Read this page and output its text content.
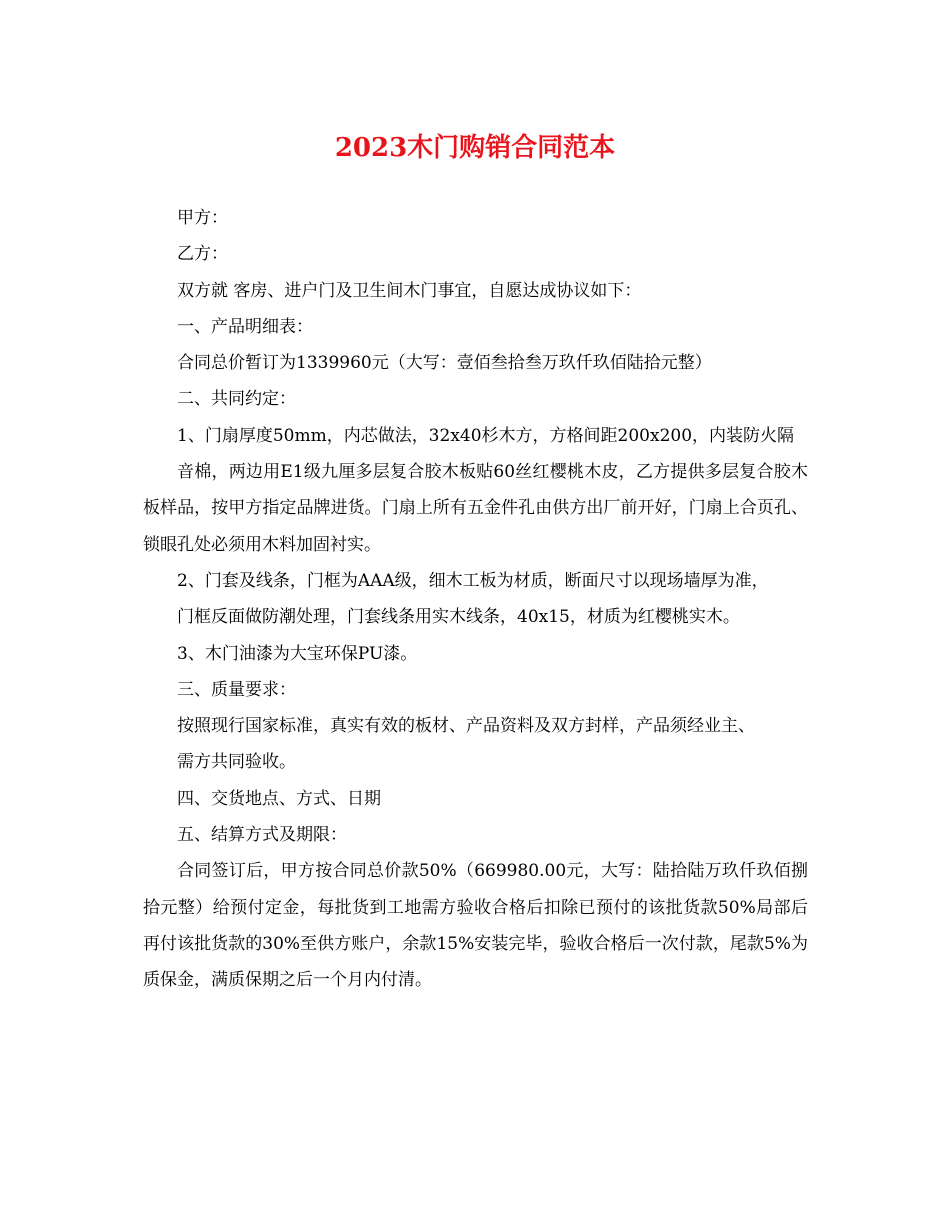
2023木门购销合同范本

甲方：

乙方：

双方就 客房、进户门及卫生间木门事宜，自愿达成协议如下：

一、产品明细表：

合同总价暂订为1339960元（大写：壹佰叁拾叁万玖仟玖佰陆拾元整）

二、共同约定：

1、门扇厚度50mm，内芯做法，32x40杉木方，方格间距200x200，内装防火隔

音棉，两边用E1级九厘多层复合胶木板贴60丝红樱桃木皮，乙方提供多层复合胶木板样品，按甲方指定品牌进货。门扇上所有五金件孔由供方出厂前开好，门扇上合页孔、锁眼孔处必须用木料加固衬实。

2、门套及线条，门框为AAA级，细木工板为材质，断面尺寸以现场墙厚为准，

门框反面做防潮处理，门套线条用实木线条，40x15，材质为红樱桃实木。

3、木门油漆为大宝环保PU漆。

三、质量要求：

按照现行国家标准，真实有效的板材、产品资料及双方封样，产品须经业主、

需方共同验收。

四、交货地点、方式、日期

五、结算方式及期限：

合同签订后，甲方按合同总价款50%（669980.00元，大写：陆拾陆万玖仟玖佰捌拾元整）给预付定金，每批货到工地需方验收合格后扣除已预付的该批货款50%局部后再付该批货款的30%至供方账户，余款15%安装完毕，验收合格后一次付款，尾款5%为质保金，满质保期之后一个月内付清。
